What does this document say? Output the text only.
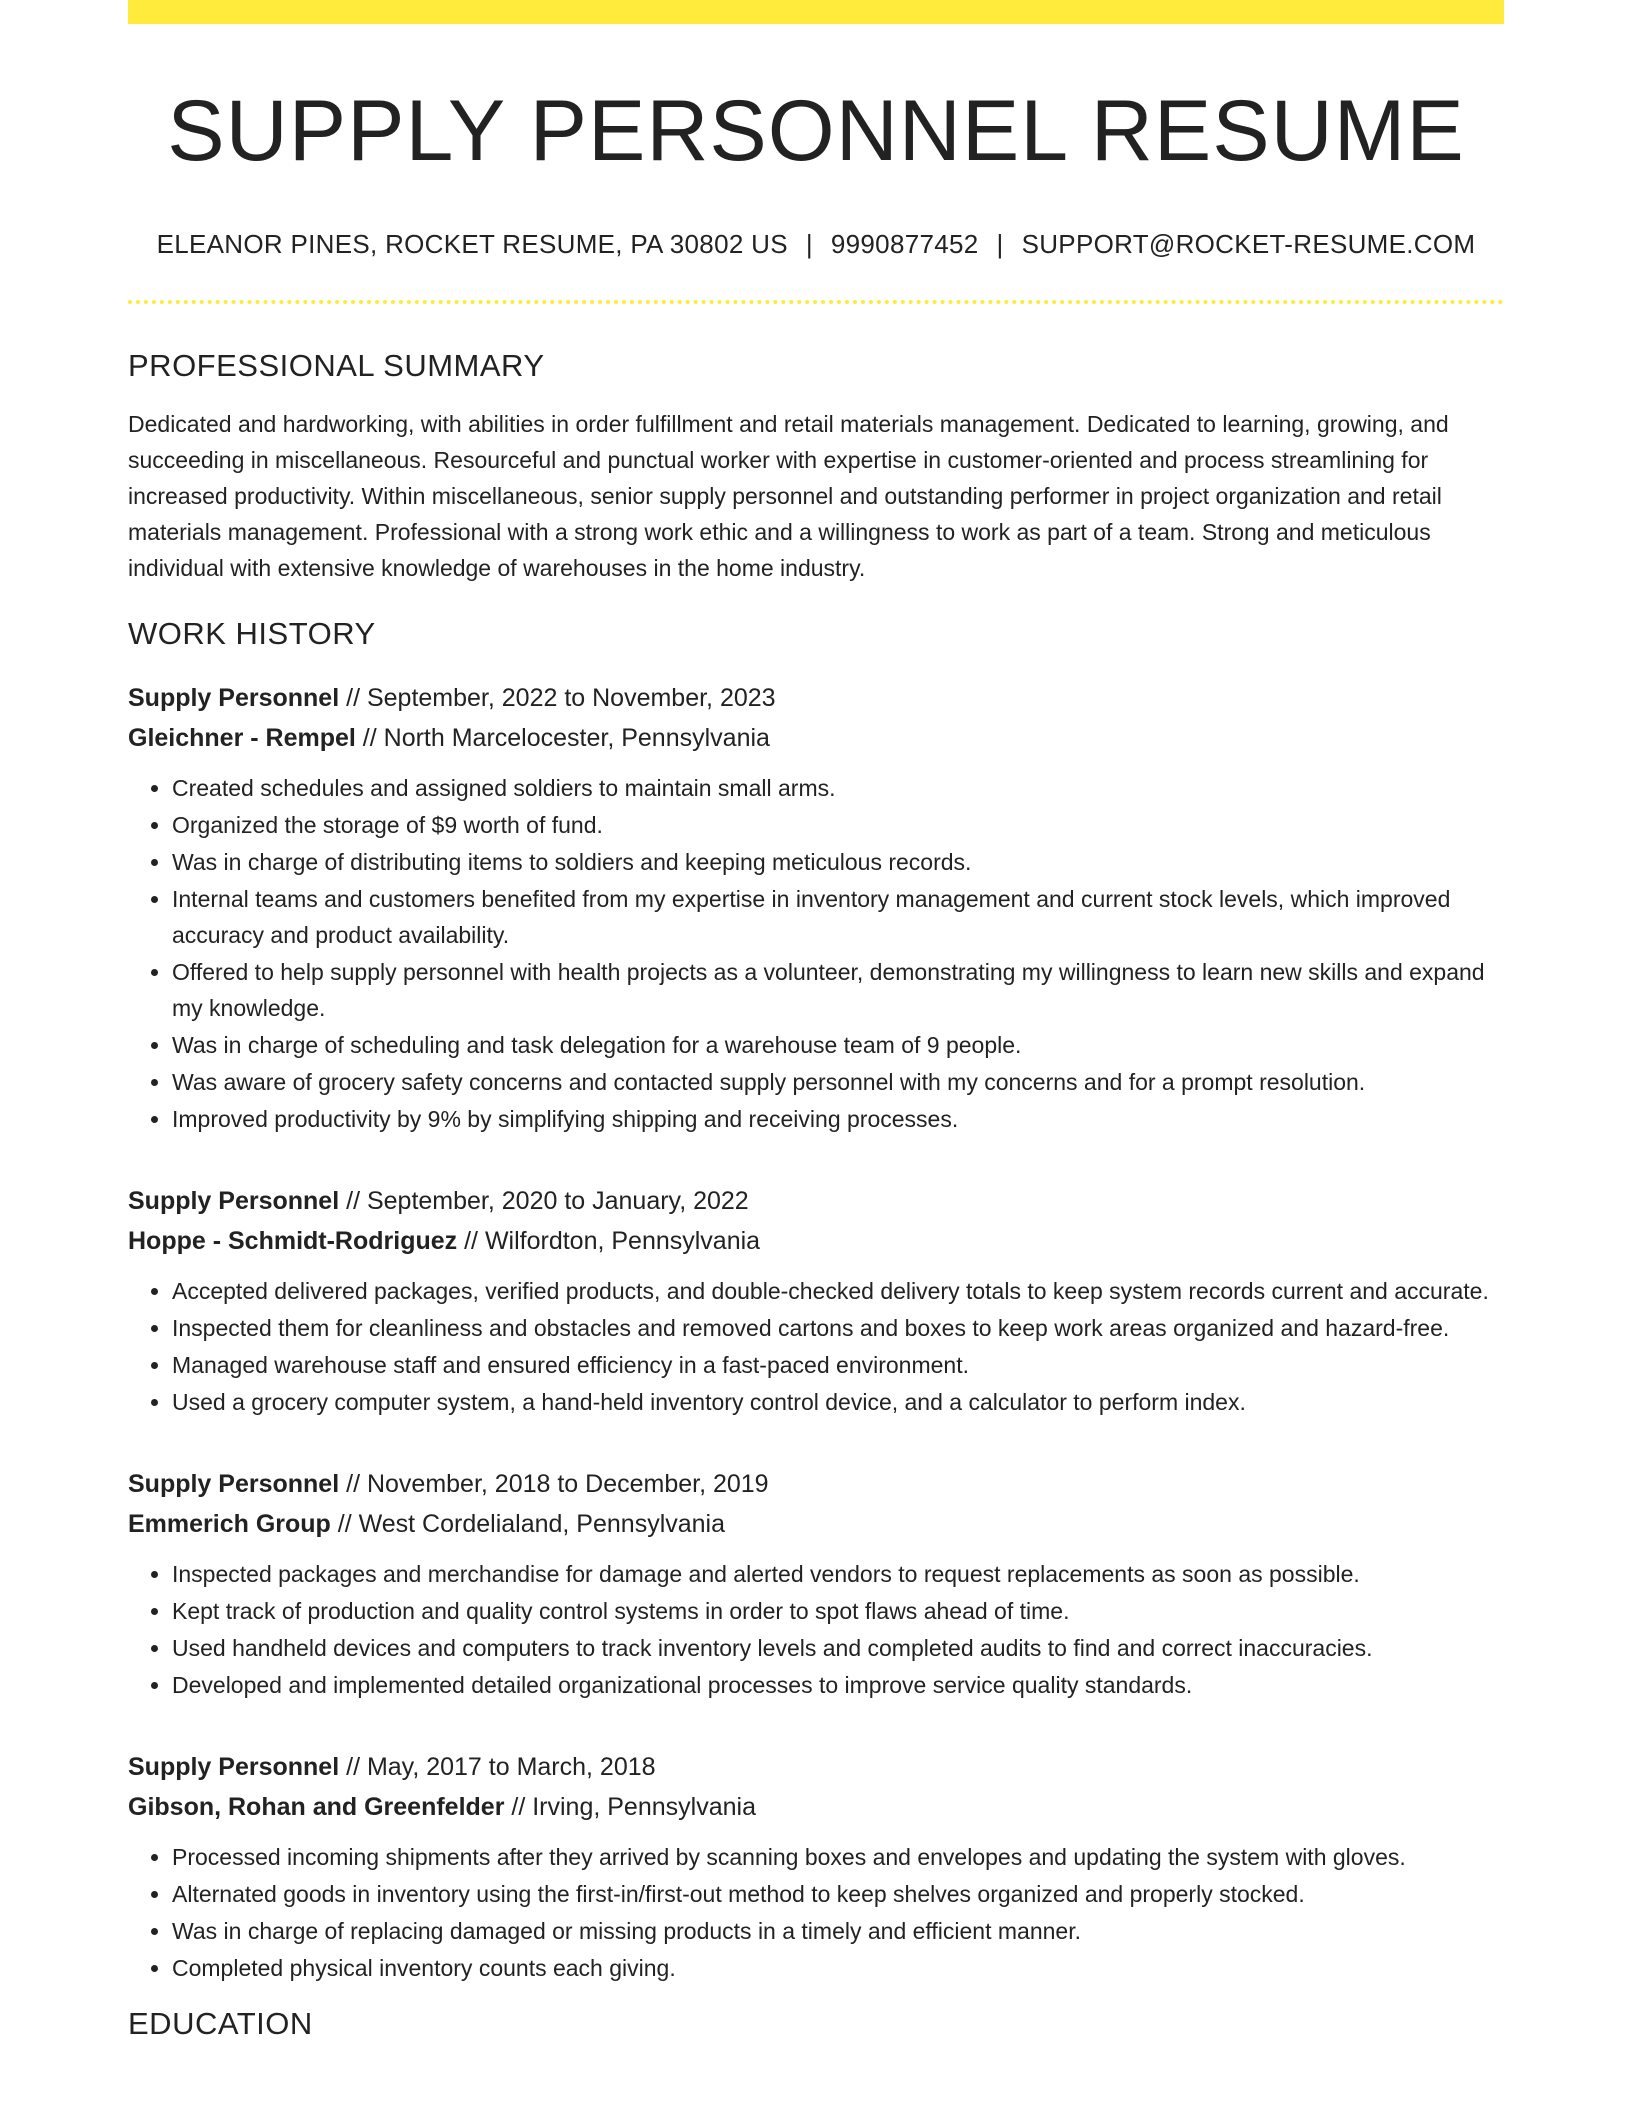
SUPPLY PERSONNEL RESUME
ELEANOR PINES, ROCKET RESUME, PA 30802 US | 9990877452 | SUPPORT@ROCKET-RESUME.COM
PROFESSIONAL SUMMARY

Dedicated and hardworking, with abilities in order fulfillment and retail materials management. Dedicated to learning, growing, and succeeding in miscellaneous. Resourceful and punctual worker with expertise in customer-oriented and process streamlining for increased productivity. Within miscellaneous, senior supply personnel and outstanding performer in project organization and retail materials management. Professional with a strong work ethic and a willingness to work as part of a team. Strong and meticulous individual with extensive knowledge of warehouses in the home industry.

WORK HISTORY
Supply Personnel // September, 2022 to November, 2023
Gleichner - Rempel // North Marcelocester, Pennsylvania
• Created schedules and assigned soldiers to maintain small arms.
• Organized the storage of $9 worth of fund.
• Was in charge of distributing items to soldiers and keeping meticulous records.
• Internal teams and customers benefited from my expertise in inventory management and current stock levels, which improved accuracy and product availability.
• Offered to help supply personnel with health projects as a volunteer, demonstrating my willingness to learn new skills and expand my knowledge.
• Was in charge of scheduling and task delegation for a warehouse team of 9 people.
• Was aware of grocery safety concerns and contacted supply personnel with my concerns and for a prompt resolution.
• Improved productivity by 9% by simplifying shipping and receiving processes.
Supply Personnel // September, 2020 to January, 2022
Hoppe - Schmidt-Rodriguez // Wilfordton, Pennsylvania
• Accepted delivered packages, verified products, and double-checked delivery totals to keep system records current and accurate.
• Inspected them for cleanliness and obstacles and removed cartons and boxes to keep work areas organized and hazard-free.
• Managed warehouse staff and ensured efficiency in a fast-paced environment.
• Used a grocery computer system, a hand-held inventory control device, and a calculator to perform index.
Supply Personnel // November, 2018 to December, 2019
Emmerich Group // West Cordelialand, Pennsylvania
• Inspected packages and merchandise for damage and alerted vendors to request replacements as soon as possible.
• Kept track of production and quality control systems in order to spot flaws ahead of time.
• Used handheld devices and computers to track inventory levels and completed audits to find and correct inaccuracies.
• Developed and implemented detailed organizational processes to improve service quality standards.
Supply Personnel // May, 2017 to March, 2018
Gibson, Rohan and Greenfelder // Irving, Pennsylvania
• Processed incoming shipments after they arrived by scanning boxes and envelopes and updating the system with gloves.
• Alternated goods in inventory using the first-in/first-out method to keep shelves organized and properly stocked.
• Was in charge of replacing damaged or missing products in a timely and efficient manner.
• Completed physical inventory counts each giving.
EDUCATION
